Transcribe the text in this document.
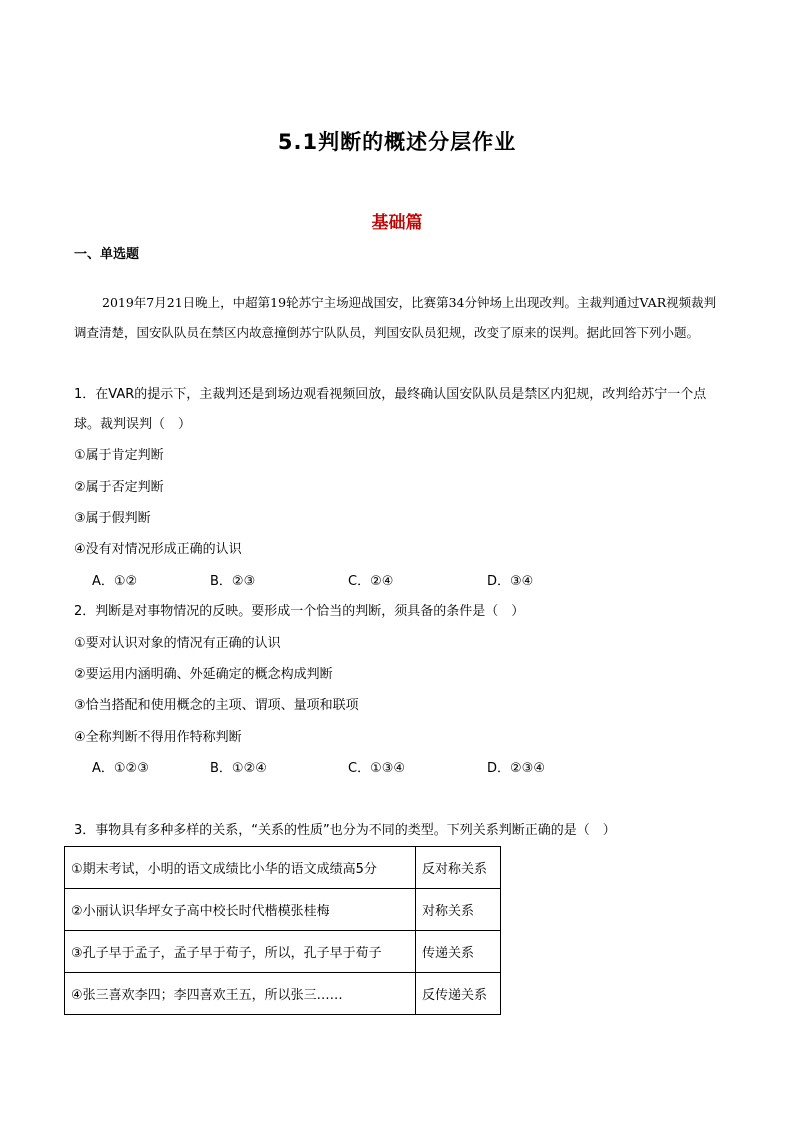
5.1判断的概述分层作业
基础篇
一、单选题
2019年7月21日晚上，中超第19轮苏宁主场迎战国安，比赛第34分钟场上出现改判。主裁判通过VAR视频裁判调查清楚，国安队队员在禁区内故意撞倒苏宁队队员，判国安队员犯规，改变了原来的误判。据此回答下列小题。
1．在VAR的提示下，主裁判还是到场边观看视频回放，最终确认国安队队员是禁区内犯规，改判给苏宁一个点球。裁判误判（　）
①属于肯定判断
②属于否定判断
③属于假判断
④没有对情况形成正确的认识
A．①②	B．②③	C．②④	D．③④
2．判断是对事物情况的反映。要形成一个恰当的判断，须具备的条件是（　）
①要对认识对象的情况有正确的认识
②要运用内涵明确、外延确定的概念构成判断
③恰当搭配和使用概念的主项、谓项、量项和联项
④全称判断不得用作特称判断
A．①②③	B．①②④	C．①③④	D．②③④
3．事物具有多种多样的关系，“关系的性质”也分为不同的类型。下列关系判断正确的是（　）
①期末考试，小明的语文成绩比小华的语文成绩高5分	反对称关系
②小丽认识华坪女子高中校长时代楷模张桂梅	对称关系
③孔子早于孟子，孟子早于荀子，所以，孔子早于荀子	传递关系
④张三喜欢李四；李四喜欢王五，所以张三……	反传递关系
